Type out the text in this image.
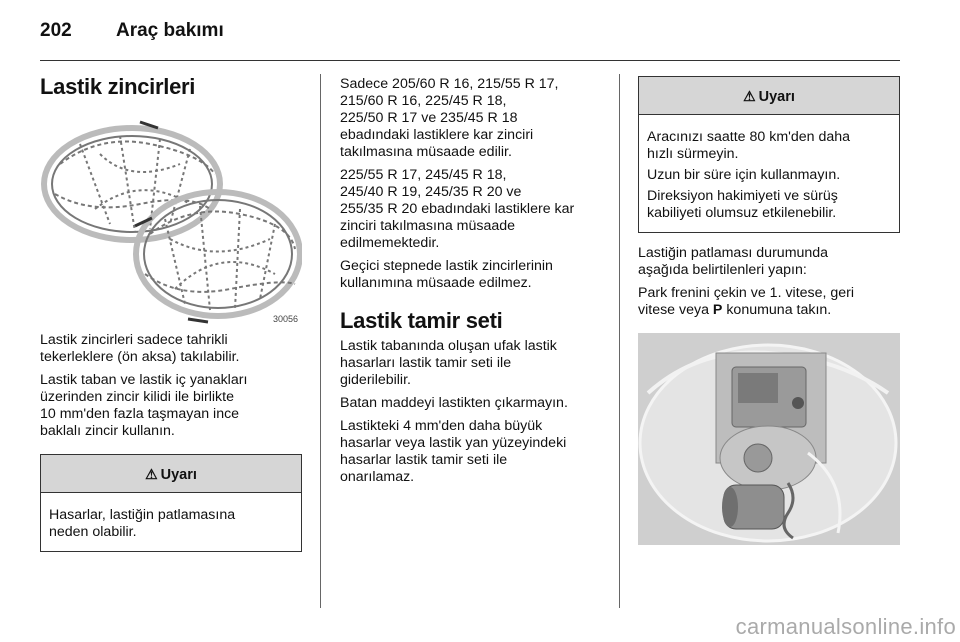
202	Araç bakımı
Lastik zincirleri
30056

Lastik zincirleri sadece tahrikli
tekerleklere (ön aksa) takılabilir.

Lastik taban ve lastik iç yanakları
üzerinden zincir kilidi ile birlikte
10 mm'den fazla taşmayan ince
baklalı zincir kullanın.

⚠ Uyarı

Hasarlar, lastiğin patlamasına
neden olabilir.

Sadece 205/60 R 16, 215/55 R 17,
215/60 R 16, 225/45 R 18,
225/50 R 17 ve 235/45 R 18
ebadındaki lastiklere kar zinciri
takılmasına müsaade edilir.

225/55 R 17, 245/45 R 18,
245/40 R 19, 245/35 R 20 ve
255/35 R 20 ebadındaki lastiklere kar
zinciri takılmasına müsaade
edilmemektedir.

Geçici stepnede lastik zincirlerinin
kullanımına müsaade edilmez.

Lastik tamir seti

Lastik tabanında oluşan ufak lastik
hasarları lastik tamir seti ile
giderilebilir.

Batan maddeyi lastikten çıkarmayın.

Lastikteki 4 mm'den daha büyük
hasarlar veya lastik yan yüzeyindeki
hasarlar lastik tamir seti ile
onarılamaz.

⚠ Uyarı

Aracınızı saatte 80 km'den daha
hızlı sürmeyin.

Uzun bir süre için kullanmayın.

Direksiyon hakimiyeti ve sürüş
kabiliyeti olumsuz etkilenebilir.

Lastiğin patlaması durumunda
aşağıda belirtilenleri yapın:

Park frenini çekin ve 1. vitese, geri
vitese veya P konumuna takın.

carmanualsonline.info
